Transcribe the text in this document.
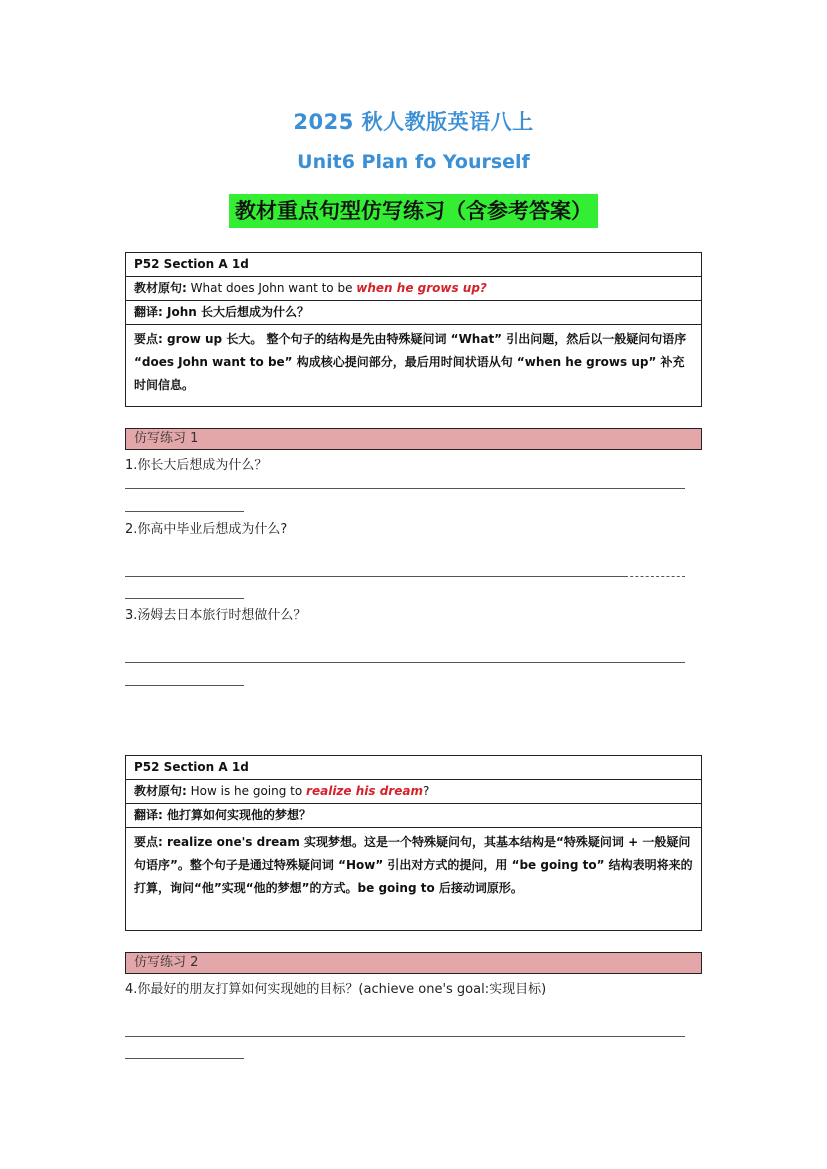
2025 秋人教版英语八上
Unit6 Plan fo Yourself
教材重点句型仿写练习（含参考答案）
P52 Section A 1d
教材原句: What does John want to be when he grows up?
翻译: John 长大后想成为什么？
要点: grow up 长大。 整个句子的结构是先由特殊疑问词 “What” 引出问题，然后以一般疑问句语序 “does John want to be” 构成核心提问部分，最后用时间状语从句 “when he grows up” 补充时间信息。
仿写练习 1
1.你长大后想成为什么？
2.你高中毕业后想成为什么?
3.汤姆去日本旅行时想做什么？
P52 Section A 1d
教材原句: How is he going to realize his dream?
翻译: 他打算如何实现他的梦想？
要点: realize one's dream 实现梦想。这是一个特殊疑问句，其基本结构是“特殊疑问词 + 一般疑问句语序”。整个句子是通过特殊疑问词 “How” 引出对方式的提问，用 “be going to” 结构表明将来的打算，询问“他”实现“他的梦想”的方式。be going to 后接动词原形。
仿写练习 2
4.你最好的朋友打算如何实现她的目标？(achieve one's goal:实现目标)
